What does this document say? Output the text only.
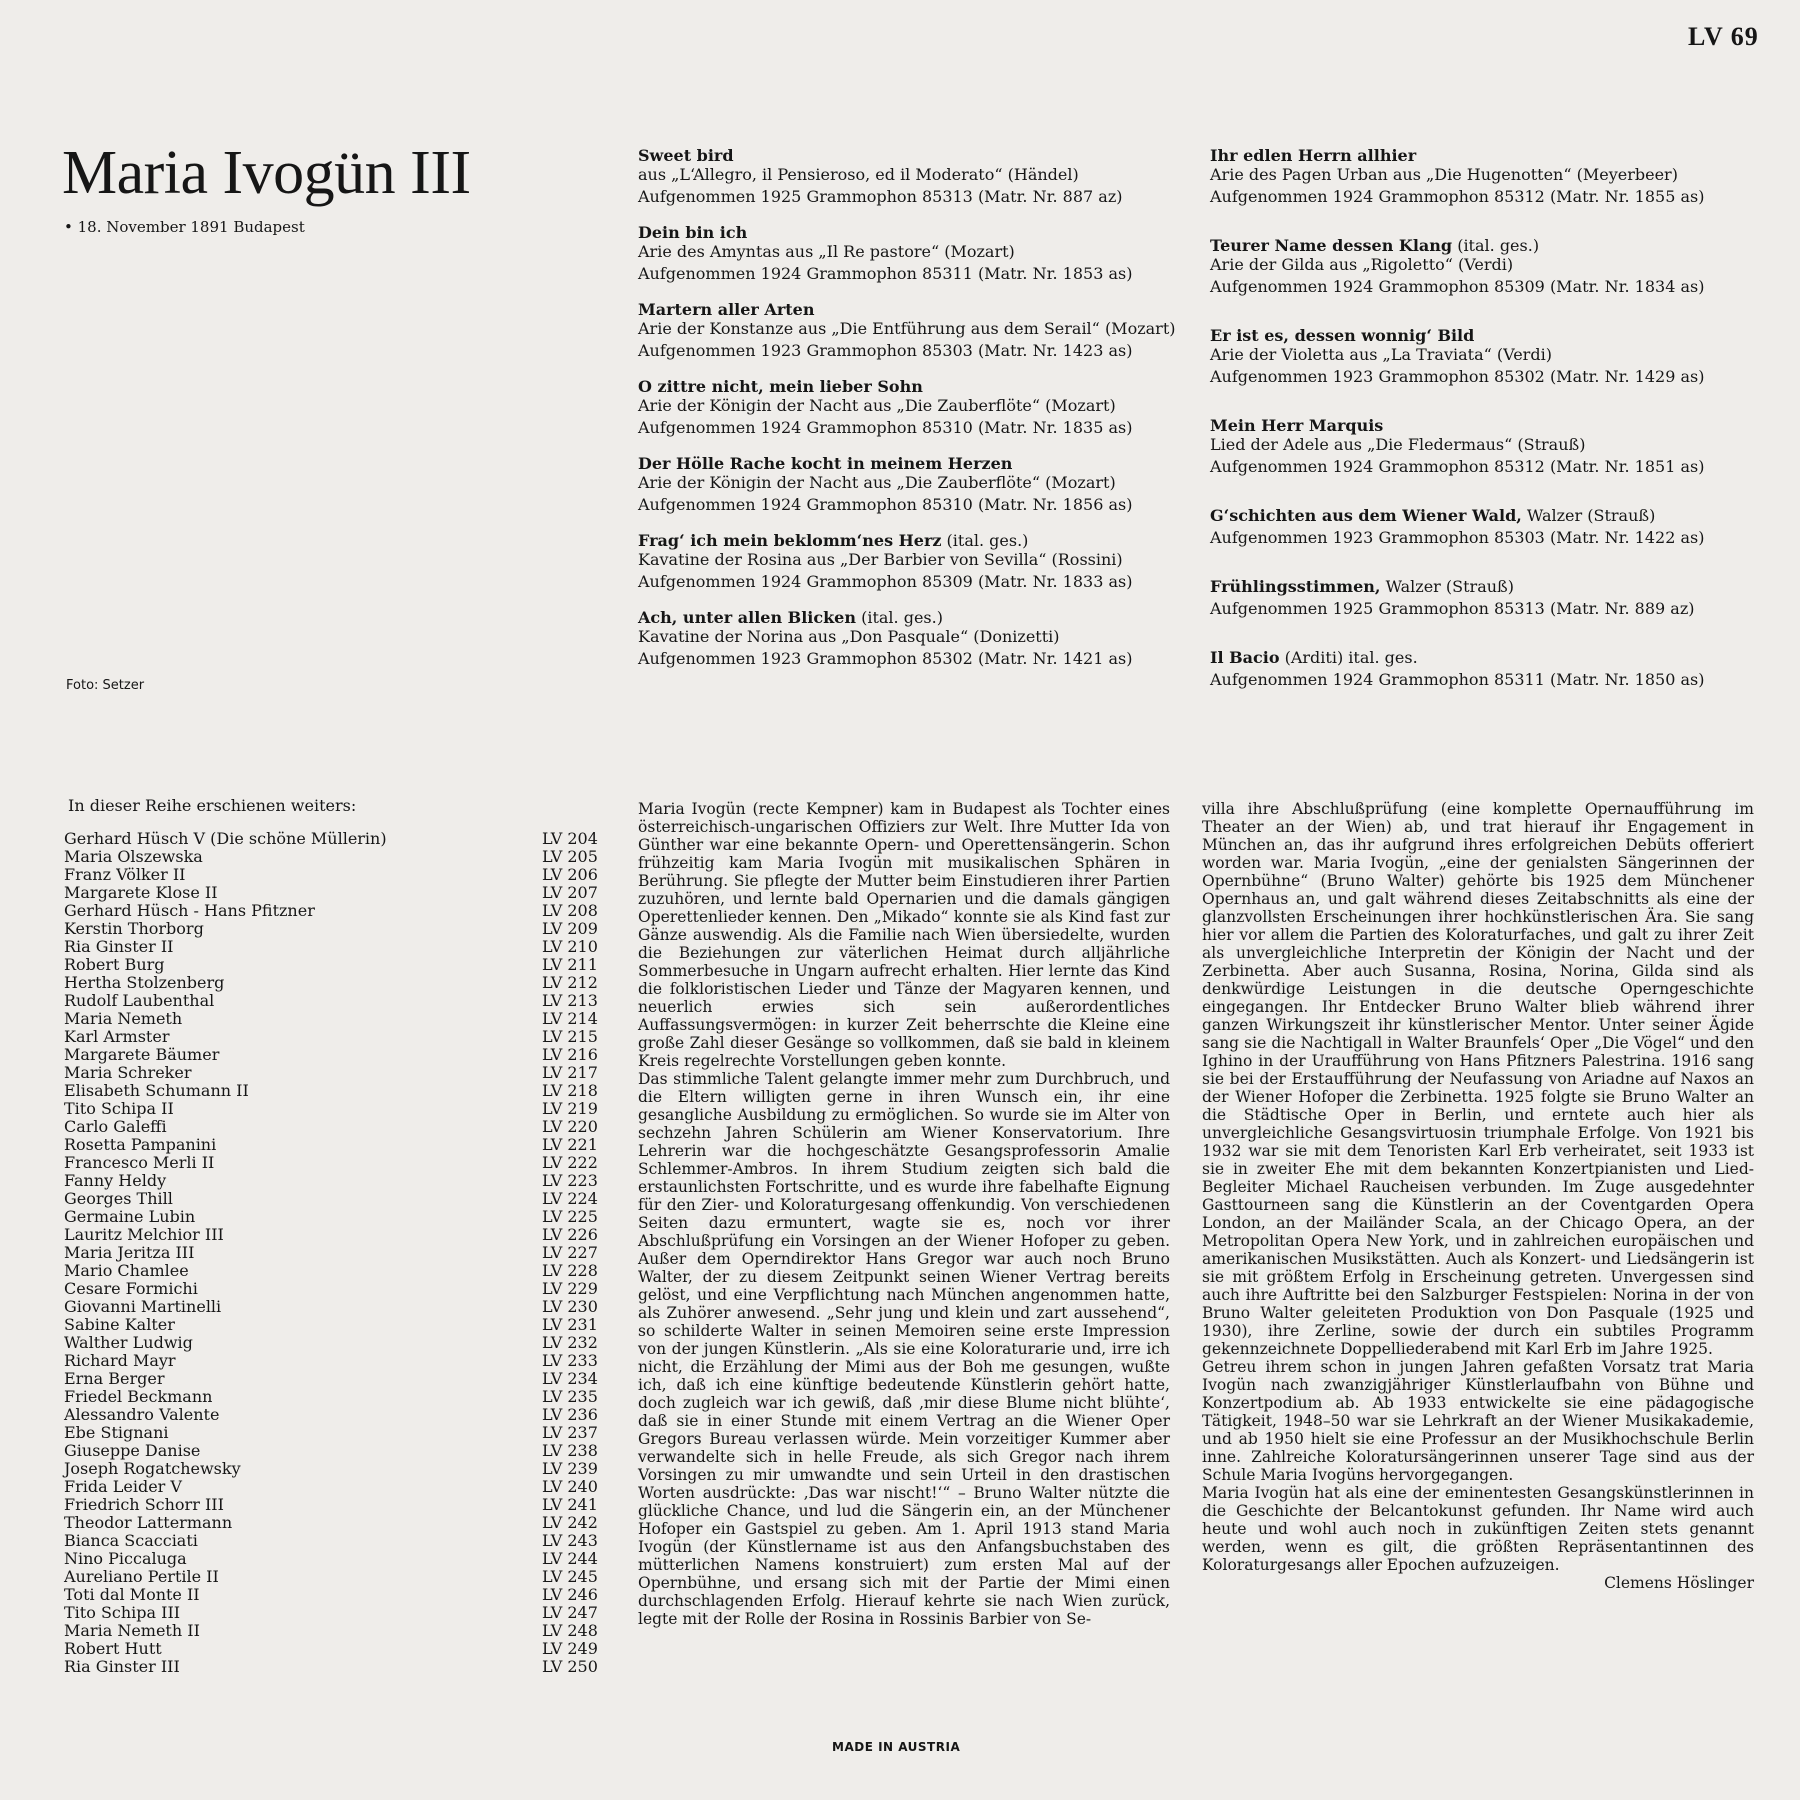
LV 69
Maria Ivogün III
• 18. November 1891 Budapest
Foto: Setzer
Sweet bird
aus „L‘Allegro, il Pensieroso, ed il Moderato“ (Händel)
Aufgenommen 1925 Grammophon 85313 (Matr. Nr. 887 az)
Dein bin ich
Arie des Amyntas aus „Il Re pastore“ (Mozart)
Aufgenommen 1924 Grammophon 85311 (Matr. Nr. 1853 as)
Martern aller Arten
Arie der Konstanze aus „Die Entführung aus dem Serail“ (Mozart)
Aufgenommen 1923 Grammophon 85303 (Matr. Nr. 1423 as)
O zittre nicht, mein lieber Sohn
Arie der Königin der Nacht aus „Die Zauberflöte“ (Mozart)
Aufgenommen 1924 Grammophon 85310 (Matr. Nr. 1835 as)
Der Hölle Rache kocht in meinem Herzen
Arie der Königin der Nacht aus „Die Zauberflöte“ (Mozart)
Aufgenommen 1924 Grammophon 85310 (Matr. Nr. 1856 as)
Frag‘ ich mein beklomm‘nes Herz (ital. ges.)
Kavatine der Rosina aus „Der Barbier von Sevilla“ (Rossini)
Aufgenommen 1924 Grammophon 85309 (Matr. Nr. 1833 as)
Ach, unter allen Blicken (ital. ges.)
Kavatine der Norina aus „Don Pasquale“ (Donizetti)
Aufgenommen 1923 Grammophon 85302 (Matr. Nr. 1421 as)
Ihr edlen Herrn allhier
Arie des Pagen Urban aus „Die Hugenotten“ (Meyerbeer)
Aufgenommen 1924 Grammophon 85312 (Matr. Nr. 1855 as)
Teurer Name dessen Klang (ital. ges.)
Arie der Gilda aus „Rigoletto“ (Verdi)
Aufgenommen 1924 Grammophon 85309 (Matr. Nr. 1834 as)
Er ist es, dessen wonnig‘ Bild
Arie der Violetta aus „La Traviata“ (Verdi)
Aufgenommen 1923 Grammophon 85302 (Matr. Nr. 1429 as)
Mein Herr Marquis
Lied der Adele aus „Die Fledermaus“ (Strauß)
Aufgenommen 1924 Grammophon 85312 (Matr. Nr. 1851 as)
G‘schichten aus dem Wiener Wald, Walzer (Strauß)
Aufgenommen 1923 Grammophon 85303 (Matr. Nr. 1422 as)
Frühlingsstimmen, Walzer (Strauß)
Aufgenommen 1925 Grammophon 85313 (Matr. Nr. 889 az)
Il Bacio (Arditi) ital. ges.
Aufgenommen 1924 Grammophon 85311 (Matr. Nr. 1850 as)
In dieser Reihe erschienen weiters:
Gerhard Hüsch V (Die schöne Müllerin)	LV 204
Maria Olszewska	LV 205
Franz Völker II	LV 206
Margarete Klose II	LV 207
Gerhard Hüsch - Hans Pfitzner	LV 208
Kerstin Thorborg	LV 209
Ria Ginster II	LV 210
Robert Burg	LV 211
Hertha Stolzenberg	LV 212
Rudolf Laubenthal	LV 213
Maria Nemeth	LV 214
Karl Armster	LV 215
Margarete Bäumer	LV 216
Maria Schreker	LV 217
Elisabeth Schumann II	LV 218
Tito Schipa II	LV 219
Carlo Galeffi	LV 220
Rosetta Pampanini	LV 221
Francesco Merli II	LV 222
Fanny Heldy	LV 223
Georges Thill	LV 224
Germaine Lubin	LV 225
Lauritz Melchior III	LV 226
Maria Jeritza III	LV 227
Mario Chamlee	LV 228
Cesare Formichi	LV 229
Giovanni Martinelli	LV 230
Sabine Kalter	LV 231
Walther Ludwig	LV 232
Richard Mayr	LV 233
Erna Berger	LV 234
Friedel Beckmann	LV 235
Alessandro Valente	LV 236
Ebe Stignani	LV 237
Giuseppe Danise	LV 238
Joseph Rogatchewsky	LV 239
Frida Leider V	LV 240
Friedrich Schorr III	LV 241
Theodor Lattermann	LV 242
Bianca Scacciati	LV 243
Nino Piccaluga	LV 244
Aureliano Pertile II	LV 245
Toti dal Monte II	LV 246
Tito Schipa III	LV 247
Maria Nemeth II	LV 248
Robert Hutt	LV 249
Ria Ginster III	LV 250

Maria Ivogün (recte Kempner) kam in Budapest als Tochter eines österreichisch-ungarischen Offiziers zur Welt. Ihre Mutter Ida von Günther war eine bekannte Opern- und Operettensängerin. Schon frühzeitig kam Maria Ivogün mit musikalischen Sphären in Berührung. Sie pflegte der Mutter beim Einstudieren ihrer Partien zuzuhören, und lernte bald Opernarien und die damals gängigen Operettenlieder kennen. Den „Mikado“ konnte sie als Kind fast zur Gänze auswendig. Als die Familie nach Wien übersiedelte, wurden die Beziehungen zur väterlichen Heimat durch alljährliche Sommerbesuche in Ungarn aufrecht erhalten. Hier lernte das Kind die folkloristischen Lieder und Tänze der Magyaren kennen, und neuerlich erwies sich sein außerordentliches Auffassungsvermögen: in kurzer Zeit beherrschte die Kleine eine große Zahl dieser Gesänge so vollkommen, daß sie bald in kleinem Kreis regelrechte Vorstellungen geben konnte.

Das stimmliche Talent gelangte immer mehr zum Durchbruch, und die Eltern willigten gerne in ihren Wunsch ein, ihr eine gesangliche Ausbildung zu ermöglichen. So wurde sie im Alter von sechzehn Jahren Schülerin am Wiener Konservatorium. Ihre Lehrerin war die hochgeschätzte Gesangsprofessorin Amalie Schlemmer-Ambros. In ihrem Studium zeigten sich bald die erstaunlichsten Fortschritte, und es wurde ihre fabelhafte Eignung für den Zier- und Koloraturgesang offenkundig. Von verschiedenen Seiten dazu ermuntert, wagte sie es, noch vor ihrer Abschlußprüfung ein Vorsingen an der Wiener Hofoper zu geben. Außer dem Operndirektor Hans Gregor war auch noch Bruno Walter, der zu diesem Zeitpunkt seinen Wiener Vertrag bereits gelöst, und eine Verpflichtung nach München angenommen hatte, als Zuhörer anwesend. „Sehr jung und klein und zart aussehend“, so schilderte Walter in seinen Memoiren seine erste Impression von der jungen Künstlerin. „Als sie eine Koloraturarie und, irre ich nicht, die Erzählung der Mimi aus der Boh me gesungen, wußte ich, daß ich eine künftige bedeutende Künstlerin gehört hatte, doch zugleich war ich gewiß, daß ‚mir diese Blume nicht blühte‘, daß sie in einer Stunde mit einem Vertrag an die Wiener Oper Gregors Bureau verlassen würde. Mein vorzeitiger Kummer aber verwandelte sich in helle Freude, als sich Gregor nach ihrem Vorsingen zu mir umwandte und sein Urteil in den drastischen Worten ausdrückte: ‚Das war nischt!‘“ – Bruno Walter nützte die glückliche Chance, und lud die Sängerin ein, an der Münchener Hofoper ein Gastspiel zu geben. Am 1. April 1913 stand Maria Ivogün (der Künstlername ist aus den Anfangsbuchstaben des mütterlichen Namens konstruiert) zum ersten Mal auf der Opernbühne, und ersang sich mit der Partie der Mimi einen durchschlagenden Erfolg. Hierauf kehrte sie nach Wien zurück, legte mit der Rolle der Rosina in Rossinis Barbier von Se-

villa ihre Abschlußprüfung (eine komplette Opernaufführung im Theater an der Wien) ab, und trat hierauf ihr Engagement in München an, das ihr aufgrund ihres erfolgreichen Debüts offeriert worden war. Maria Ivogün, „eine der genialsten Sängerinnen der Opernbühne“ (Bruno Walter) gehörte bis 1925 dem Münchener Opernhaus an, und galt während dieses Zeitabschnitts als eine der glanzvollsten Erscheinungen ihrer hochkünstlerischen Ära. Sie sang hier vor allem die Partien des Koloraturfaches, und galt zu ihrer Zeit als unvergleichliche Interpretin der Königin der Nacht und der Zerbinetta. Aber auch Susanna, Rosina, Norina, Gilda sind als denkwürdige Leistungen in die deutsche Operngeschichte eingegangen. Ihr Entdecker Bruno Walter blieb während ihrer ganzen Wirkungszeit ihr künstlerischer Mentor. Unter seiner Ägide sang sie die Nachtigall in Walter Braunfels‘ Oper „Die Vögel“ und den Ighino in der Uraufführung von Hans Pfitzners Palestrina. 1916 sang sie bei der Erstaufführung der Neufassung von Ariadne auf Naxos an der Wiener Hofoper die Zerbinetta. 1925 folgte sie Bruno Walter an die Städtische Oper in Berlin, und erntete auch hier als unvergleichliche Gesangsvirtuosin triumphale Erfolge. Von 1921 bis 1932 war sie mit dem Tenoristen Karl Erb verheiratet, seit 1933 ist sie in zweiter Ehe mit dem bekannten Konzertpianisten und Lied-Begleiter Michael Raucheisen verbunden. Im Zuge ausgedehnter Gasttourneen sang die Künstlerin an der Coventgarden Opera London, an der Mailänder Scala, an der Chicago Opera, an der Metropolitan Opera New York, und in zahlreichen europäischen und amerikanischen Musikstätten. Auch als Konzert- und Liedsängerin ist sie mit größtem Erfolg in Erscheinung getreten. Unvergessen sind auch ihre Auftritte bei den Salzburger Festspielen: Norina in der von Bruno Walter geleiteten Produktion von Don Pasquale (1925 und 1930), ihre Zerline, sowie der durch ein subtiles Programm gekennzeichnete Doppelliederabend mit Karl Erb im Jahre 1925.

Getreu ihrem schon in jungen Jahren gefaßten Vorsatz trat Maria Ivogün nach zwanzigjähriger Künstlerlaufbahn von Bühne und Konzertpodium ab. Ab 1933 entwickelte sie eine pädagogische Tätigkeit, 1948–50 war sie Lehrkraft an der Wiener Musikakademie, und ab 1950 hielt sie eine Professur an der Musikhochschule Berlin inne. Zahlreiche Koloratursängerinnen unserer Tage sind aus der Schule Maria Ivogüns hervorgegangen.

Maria Ivogün hat als eine der eminentesten Gesangskünstlerinnen in die Geschichte der Belcantokunst gefunden. Ihr Name wird auch heute und wohl auch noch in zukünftigen Zeiten stets genannt werden, wenn es gilt, die größten Repräsentantinnen des Koloraturgesangs aller Epochen aufzuzeigen.

Clemens Höslinger

MADE IN AUSTRIA
